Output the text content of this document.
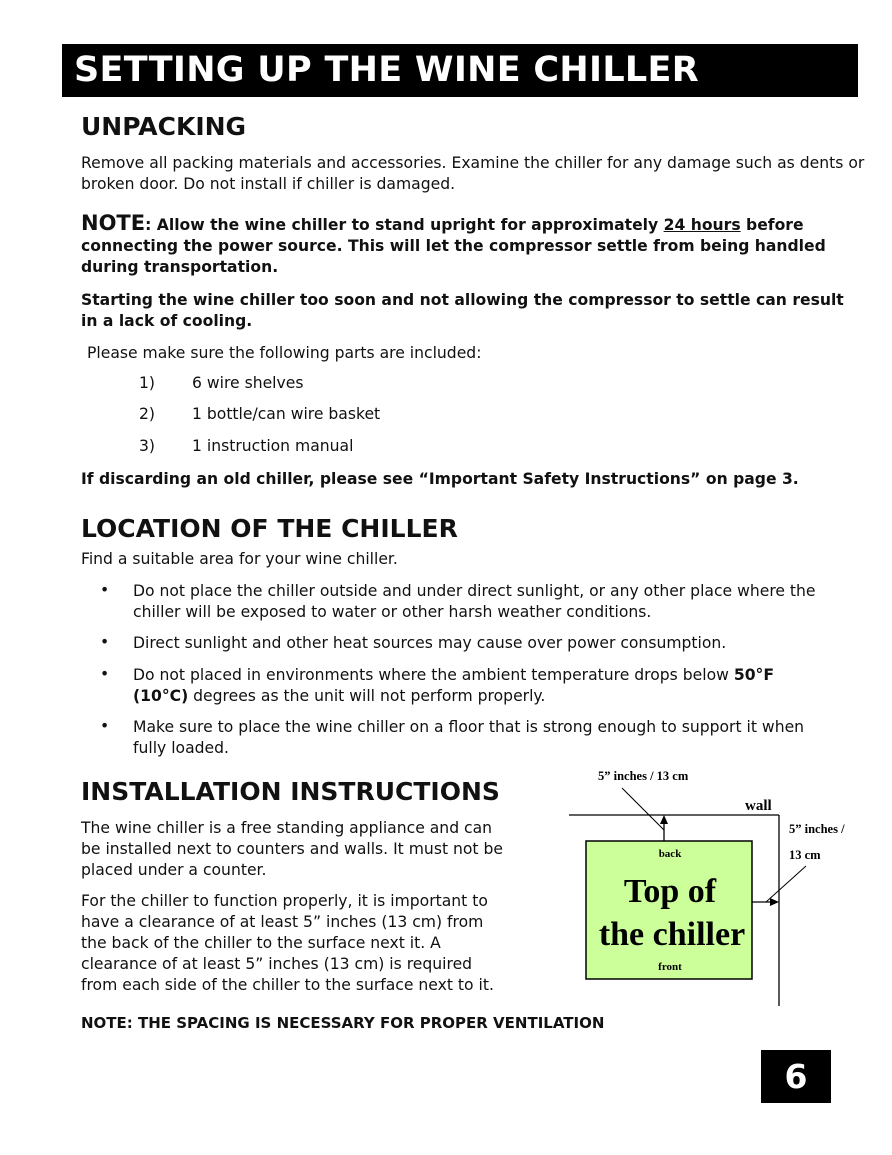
SETTING UP THE WINE CHILLER
UNPACKING
Remove all packing materials and accessories. Examine the chiller for any damage such as dents or
broken door. Do not install if chiller is damaged.
NOTE: Allow the wine chiller to stand upright for approximately 24 hours before
connecting the power source. This will let the compressor settle from being handled
during transportation.
Starting the wine chiller too soon and not allowing the compressor to settle can result
in a lack of cooling.
Please make sure the following parts are included:
1) 6 wire shelves
2) 1 bottle/can wire basket
3) 1 instruction manual
If discarding an old chiller, please see “Important Safety Instructions” on page 3.
LOCATION OF THE CHILLER
Find a suitable area for your wine chiller.
• Do not place the chiller outside and under direct sunlight, or any other place where the
chiller will be exposed to water or other harsh weather conditions.
• Direct sunlight and other heat sources may cause over power consumption.
• Do not placed in environments where the ambient temperature drops below 50°F
(10°C) degrees as the unit will not perform properly.
• Make sure to place the wine chiller on a floor that is strong enough to support it when
fully loaded.
INSTALLATION INSTRUCTIONS
The wine chiller is a free standing appliance and can
be installed next to counters and walls. It must not be
placed under a counter.
For the chiller to function properly, it is important to
have a clearance of at least 5” inches (13 cm) from
the back of the chiller to the surface next it. A
clearance of at least 5” inches (13 cm) is required
from each side of the chiller to the surface next to it.
NOTE: THE SPACING IS NECESSARY FOR PROPER VENTILATION
5” inches / 13 cm
wall
5” inches /
13 cm
back
Top of
the chiller
front
6
